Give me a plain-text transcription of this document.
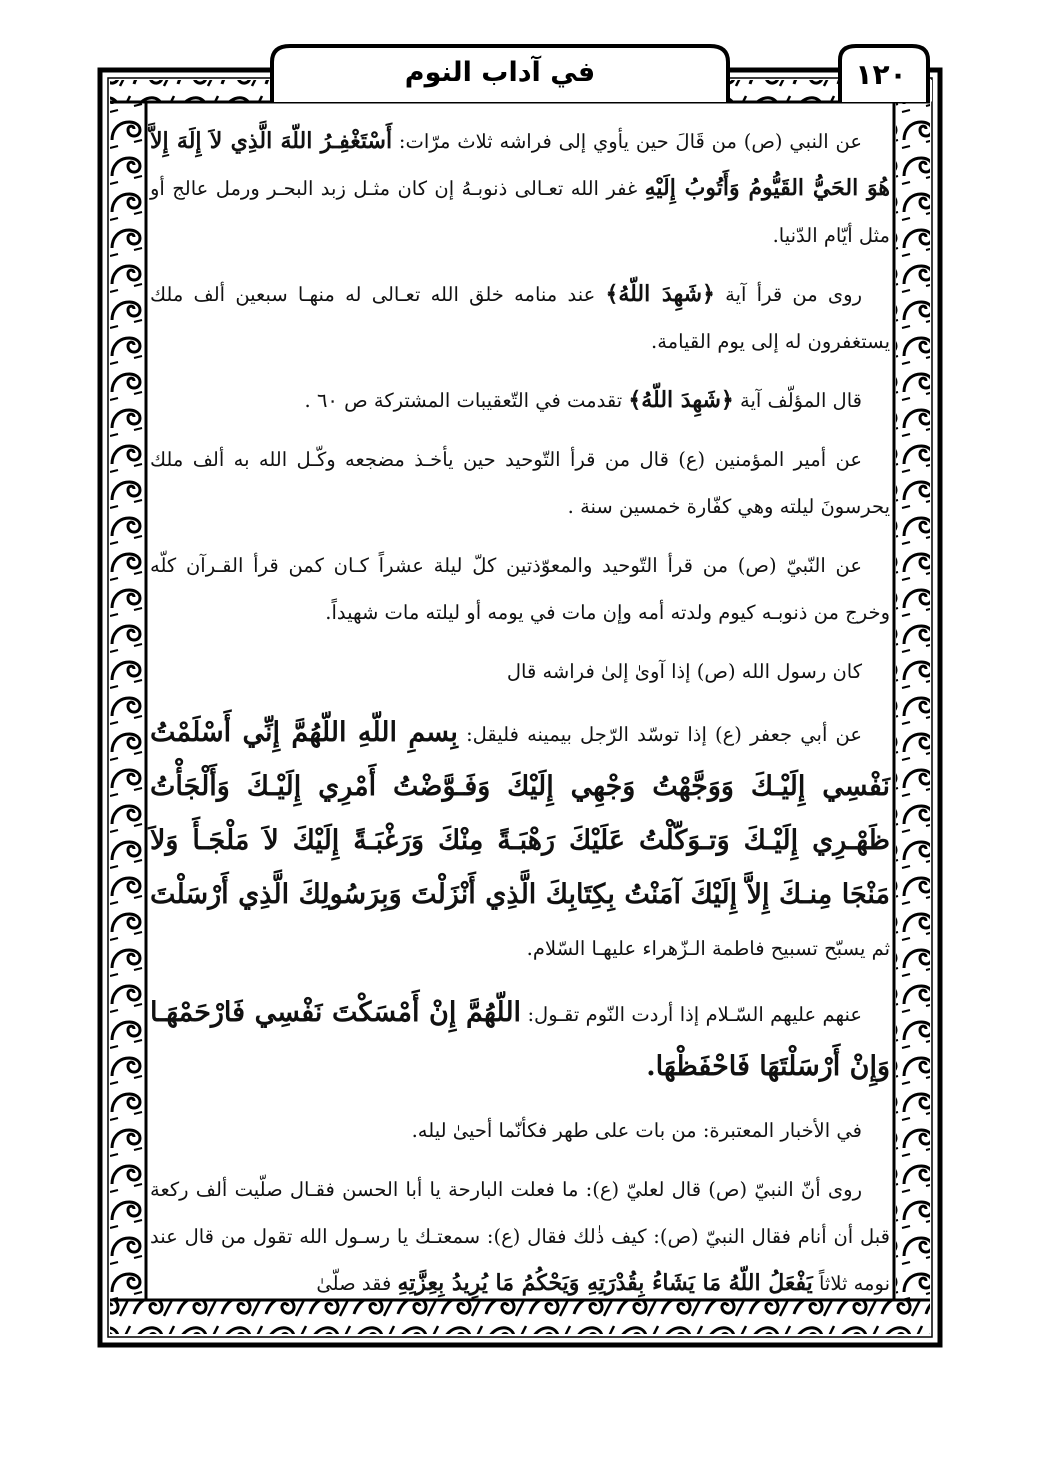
في آداب النوم	١٢٠

عن النبي (ص) من قَالَ حين يأوي إلى فراشه ثلاث مرّات: أَسْتَغْفِـرُ اللّهَ الَّذِي لاَ إِلَهَ إِلاَّ هُوَ الحَيُّ القَيُّومُ وَأَتُوبُ إِلَيْهِ غفر الله تعـالى ذنوبـهُ إن كان مثـل زبد البحـر ورمل عالج أو مثل أيّام الدّنيا.

روى من قرأ آية ﴿شَهِدَ اللّهُ﴾ عند منامه خلق الله تعـالى له منهـا سبعين ألف ملك يستغفرون له إلى يوم القيامة.

قال المؤلّف آية ﴿شَهِدَ اللّهُ﴾ تقدمت في التّعقيبات المشتركة ص ٦٠ .

عن أمير المؤمنين (ع) قال من قرأ التّوحيد حين يأخـذ مضجعه وكّـل الله به ألف ملك يحرسونَ ليلته وهي كفّارة خمسين سنة .

عن النّبيّ (ص) من قرأ التّوحيد والمعوّذتين كلّ ليلة عشراً كـان كمن قرأ القـرآن كلّه وخرج من ذنوبـه كيوم ولدته أمه وإن مات في يومه أو ليلته مات شهيداً.

كان رسول الله (ص) إذا آوىٰ إلىٰ فراشه قال

عن أبي جعفر (ع) إذا توسّد الرّجل بيمينه فليقل: بِسمِ اللّهِ اللّهُمَّ إِنِّي أَسْلَمْتُ نَفْسِي إِلَيْـكَ وَوَجَّهْتُ وَجْهِي إِلَيْكَ وَفَـوَّضْتُ أَمْرِي إِلَيْـكَ وَأَلْجَأْتُ ظَهْـرِي إِلَيْـكَ وَتـوَكّلْتُ عَلَيْكَ رَهْبَـةً مِنْكَ وَرَغْبَـةً إِلَيْكَ لاَ مَلْجَـأَ وَلاَ مَنْجَا مِنـكَ إِلاَّ إِلَيْكَ آمَنْتُ بِكِتَابِكَ الَّذِي أَنْزَلْتَ وَبِرَسُولِكَ الَّذِي أَرْسَلْتَ ثم يسبّح تسبيح فاطمة الـزّهراء عليهـا السّلام.

عنهم عليهم السّـلام إذا أردت النّوم تقـول: اللّهُمَّ إِنْ أَمْسَكْتَ نَفْسِي فَارْحَمْهَـا وَإِنْ أَرْسَلْتَهَا فَاحْفَظْهَا.

في الأخبار المعتبرة: من بات على طهر فكأنّما أحيىٰ ليله.

روى أنّ النبيّ (ص) قال لعليّ (ع): ما فعلت البارحة يا أبا الحسن فقـال صلّيت ألف ركعة قبل أن أنام فقال النبيّ (ص): كيف ذٰلك فقال (ع): سمعتـك يا رسـول الله تقول من قال عند نومه ثلاثاً يَفْعَلُ اللّهُ مَا يَشَاءُ بِقُدْرَتِهِ وَيَحْكُمُ مَا يُرِيدُ بِعِزَّتِهِ فقد صلّىٰ
